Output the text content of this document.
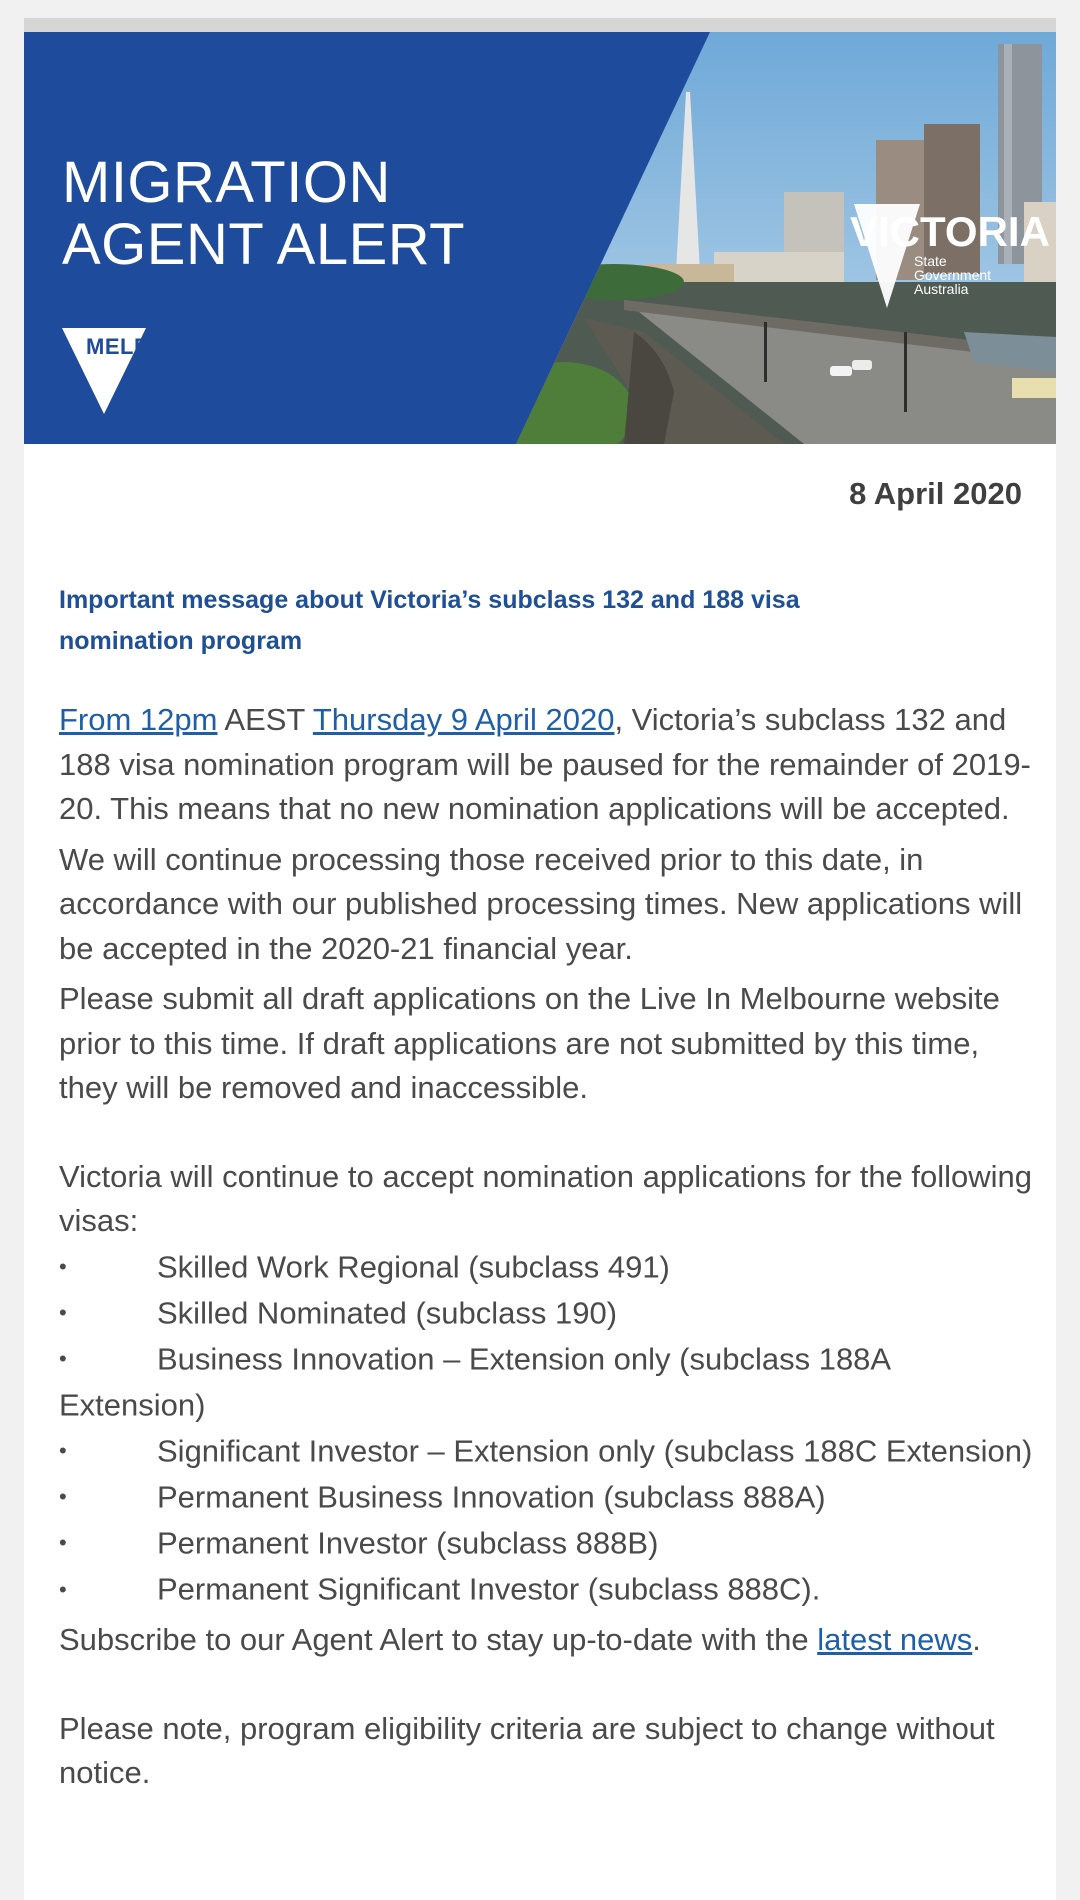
MIGRATION
AGENT ALERT
MELBOURNE
VICTORIA
State
Government
Australia
8 April 2020
Important message about Victoria’s subclass 132 and 188 visa nomination program

From 12pm AEST Thursday 9 April 2020, Victoria’s subclass 132 and 188 visa nomination program will be paused for the remainder of 2019-20. This means that no new nomination applications will be accepted.

We will continue processing those received prior to this date, in accordance with our published processing times. New applications will be accepted in the 2020-21 financial year.

Please submit all draft applications on the Live In Melbourne website prior to this time. If draft applications are not submitted by this time, they will be removed and inaccessible.

Victoria will continue to accept nomination applications for the following visas:

•	Skilled Work Regional (subclass 491)
•	Skilled Nominated (subclass 190)
•	Business Innovation – Extension only (subclass 188A Extension)
•	Significant Investor – Extension only (subclass 188C Extension)
•	Permanent Business Innovation (subclass 888A)
•	Permanent Investor (subclass 888B)
•	Permanent Significant Investor (subclass 888C).

Subscribe to our Agent Alert to stay up-to-date with the latest news.

Please note, program eligibility criteria are subject to change without notice.
